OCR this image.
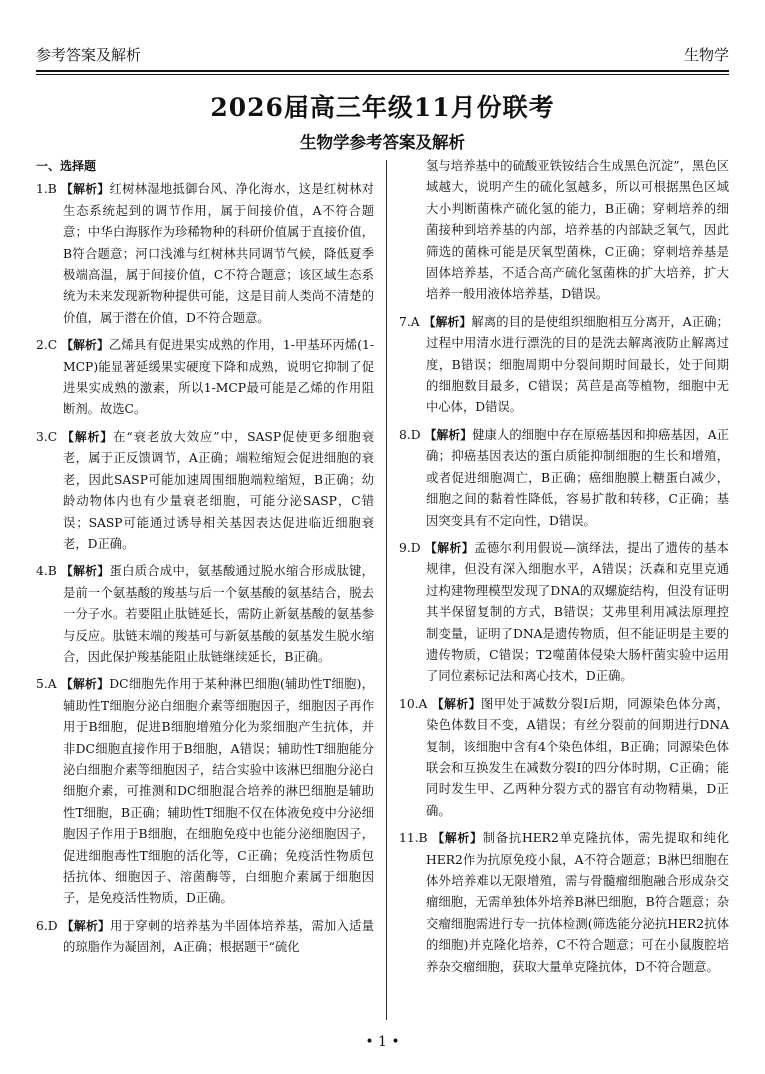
参考答案及解析	生物学
2026届高三年级11月份联考
生物学参考答案及解析
一、选择题
1.B 【解析】红树林湿地抵御台风、净化海水，这是红树林对生态系统起到的调节作用，属于间接价值，A不符合题意；中华白海豚作为珍稀物种的科研价值属于直接价值，B符合题意；河口浅滩与红树林共同调节气候，降低夏季极端高温，属于间接价值，C不符合题意；该区域生态系统为未来发现新物种提供可能，这是目前人类尚不清楚的价值，属于潜在价值，D不符合题意。
2.C 【解析】乙烯具有促进果实成熟的作用，1-甲基环丙烯(1-MCP)能显著延缓果实硬度下降和成熟，说明它抑制了促进果实成熟的激素，所以1-MCP最可能是乙烯的作用阻断剂。故选C。
3.C 【解析】在“衰老放大效应”中，SASP促使更多细胞衰老，属于正反馈调节，A正确；端粒缩短会促进细胞的衰老，因此SASP可能加速周围细胞端粒缩短，B正确；幼龄动物体内也有少量衰老细胞，可能分泌SASP，C错误；SASP可能通过诱导相关基因表达促进临近细胞衰老，D正确。
4.B 【解析】蛋白质合成中，氨基酸通过脱水缩合形成肽键，是前一个氨基酸的羧基与后一个氨基酸的氨基结合，脱去一分子水。若要阻止肽链延长，需防止新氨基酸的氨基参与反应。肽链末端的羧基可与新氨基酸的氨基发生脱水缩合，因此保护羧基能阻止肽链继续延长，B正确。
5.A 【解析】DC细胞先作用于某种淋巴细胞(辅助性T细胞)，辅助性T细胞分泌白细胞介素等细胞因子，细胞因子再作用于B细胞，促进B细胞增殖分化为浆细胞产生抗体，并非DC细胞直接作用于B细胞，A错误；辅助性T细胞能分泌白细胞介素等细胞因子，结合实验中该淋巴细胞分泌白细胞介素，可推测和DC细胞混合培养的淋巴细胞是辅助性T细胞，B正确；辅助性T细胞不仅在体液免疫中分泌细胞因子作用于B细胞，在细胞免疫中也能分泌细胞因子，促进细胞毒性T细胞的活化等，C正确；免疫活性物质包括抗体、细胞因子、溶菌酶等，白细胞介素属于细胞因子，是免疫活性物质，D正确。
6.D 【解析】用于穿刺的培养基为半固体培养基，需加入适量的琼脂作为凝固剂，A正确；根据题干“硫化
氢与培养基中的硫酸亚铁铵结合生成黑色沉淀”，黑色区域越大，说明产生的硫化氢越多，所以可根据黑色区域大小判断菌株产硫化氢的能力，B正确；穿刺培养的细菌接种到培养基的内部，培养基的内部缺乏氧气，因此筛选的菌株可能是厌氧型菌株，C正确；穿刺培养基是固体培养基，不适合高产硫化氢菌株的扩大培养，扩大培养一般用液体培养基，D错误。
7.A 【解析】解离的目的是使组织细胞相互分离开，A正确；过程中用清水进行漂洗的目的是洗去解离液防止解离过度，B错误；细胞周期中分裂间期时间最长，处于间期的细胞数目最多，C错误；莴苣是高等植物，细胞中无中心体，D错误。
8.D 【解析】健康人的细胞中存在原癌基因和抑癌基因，A正确；抑癌基因表达的蛋白质能抑制细胞的生长和增殖，或者促进细胞凋亡，B正确；癌细胞膜上糖蛋白减少，细胞之间的黏着性降低，容易扩散和转移，C正确；基因突变具有不定向性，D错误。
9.D 【解析】孟德尔利用假说—演绎法，提出了遗传的基本规律，但没有深入细胞水平，A错误；沃森和克里克通过构建物理模型发现了DNA的双螺旋结构，但没有证明其半保留复制的方式，B错误；艾弗里利用减法原理控制变量，证明了DNA是遗传物质，但不能证明是主要的遗传物质，C错误；T2噬菌体侵染大肠杆菌实验中运用了同位素标记法和离心技术，D正确。
10.A 【解析】图甲处于减数分裂Ⅰ后期，同源染色体分离，染色体数目不变，A错误；有丝分裂前的间期进行DNA复制，该细胞中含有4个染色体组，B正确；同源染色体联会和互换发生在减数分裂Ⅰ的四分体时期，C正确；能同时发生甲、乙两种分裂方式的器官有动物精巢，D正确。
11.B 【解析】制备抗HER2单克隆抗体，需先提取和纯化HER2作为抗原免疫小鼠，A不符合题意；B淋巴细胞在体外培养难以无限增殖，需与骨髓瘤细胞融合形成杂交瘤细胞，无需单独体外培养B淋巴细胞，B符合题意；杂交瘤细胞需进行专一抗体检测(筛选能分泌抗HER2抗体的细胞)并克隆化培养，C不符合题意；可在小鼠腹腔培养杂交瘤细胞，获取大量单克隆抗体，D不符合题意。
• 1 •
